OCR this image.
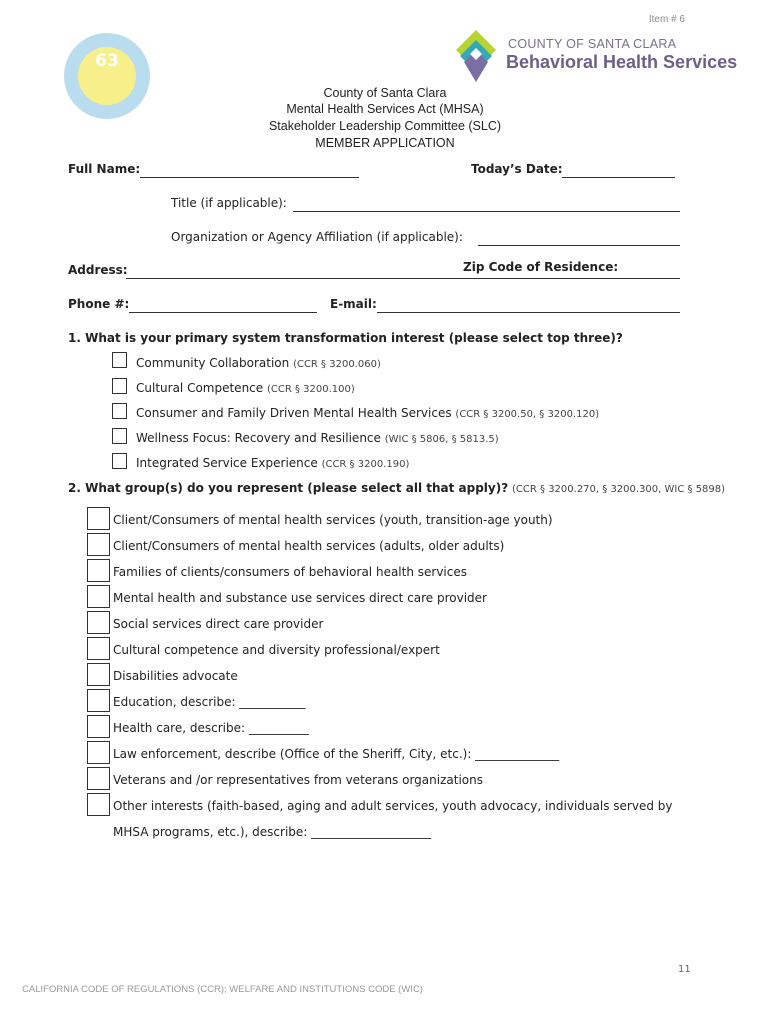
Item # 6
63
COUNTY OF SANTA CLARA
Behavioral Health Services
County of Santa Clara
Mental Health Services Act (MHSA)
Stakeholder Leadership Committee (SLC)
MEMBER APPLICATION
Full Name:	Today’s Date:
Title (if applicable):
Organization or Agency Affiliation (if applicable):
Address:	Zip Code of Residence:
Phone #:	E-mail:
1. What is your primary system transformation interest (please select top three)?
Community Collaboration (CCR § 3200.060)
Cultural Competence (CCR § 3200.100)
Consumer and Family Driven Mental Health Services (CCR § 3200.50, § 3200.120)
Wellness Focus: Recovery and Resilience (WIC § 5806, § 5813.5)
Integrated Service Experience (CCR § 3200.190)
2. What group(s) do you represent (please select all that apply)? (CCR § 3200.270, § 3200.300, WIC § 5898)
Client/Consumers of mental health services (youth, transition-age youth)
Client/Consumers of mental health services (adults, older adults)
Families of clients/consumers of behavioral health services
Mental health and substance use services direct care provider
Social services direct care provider
Cultural competence and diversity professional/expert
Disabilities advocate
Education, describe: ___________
Health care, describe: __________
Law enforcement, describe (Office of the Sheriff, City, etc.): ______________
Veterans and /or representatives from veterans organizations
Other interests (faith-based, aging and adult services, youth advocacy, individuals served by
MHSA programs, etc.), describe: ____________________
11
CALIFORNIA CODE OF REGULATIONS (CCR); WELFARE AND INSTITUTIONS CODE (WIC)
